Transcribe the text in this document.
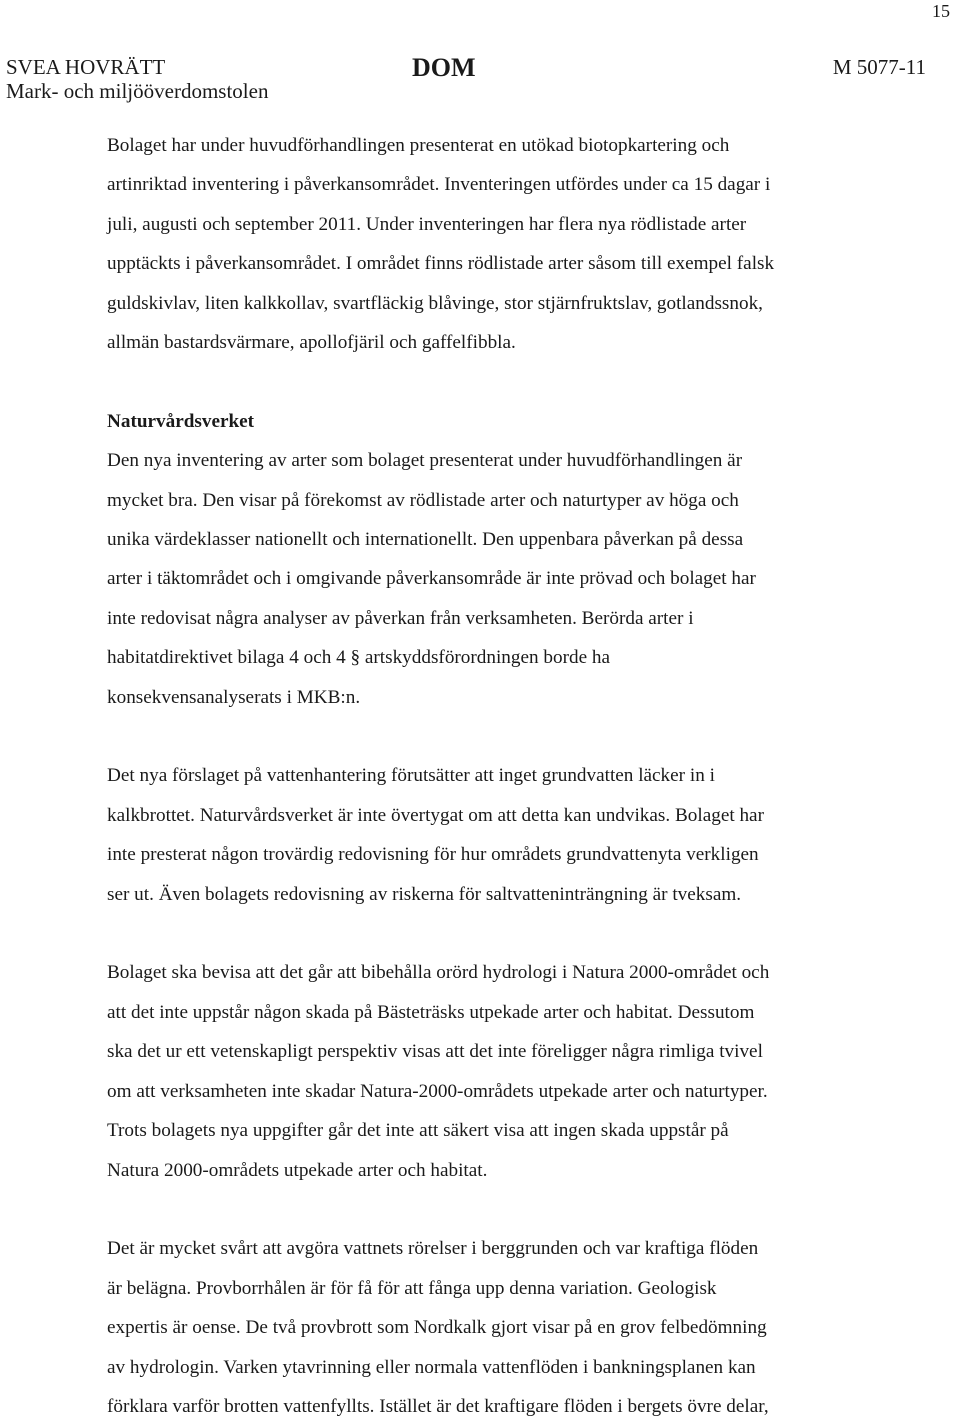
15
SVEA HOVRÄTT
Mark- och miljööverdomstolen
DOM	M 5077-11

Bolaget har under huvudförhandlingen presenterat en utökad biotopkartering och
artinriktad inventering i påverkansområdet. Inventeringen utfördes under ca 15 dagar i
juli, augusti och september 2011. Under inventeringen har flera nya rödlistade arter
upptäckts i påverkansområdet. I området finns rödlistade arter såsom till exempel falsk
guldskivlav, liten kalkkollav, svartfläckig blåvinge, stor stjärnfruktslav, gotlandssnok,
allmän bastardsvärmare, apollofjäril och gaffelfibbla.

Naturvårdsverket

Den nya inventering av arter som bolaget presenterat under huvudförhandlingen är
mycket bra. Den visar på förekomst av rödlistade arter och naturtyper av höga och
unika värdeklasser nationellt och internationellt. Den uppenbara påverkan på dessa
arter i täktområdet och i omgivande påverkansområde är inte prövad och bolaget har
inte redovisat några analyser av påverkan från verksamheten. Berörda arter i
habitatdirektivet bilaga 4 och 4 § artskyddsförordningen borde ha
konsekvensanalyserats i MKB:n.

Det nya förslaget på vattenhantering förutsätter att inget grundvatten läcker in i
kalkbrottet. Naturvårdsverket är inte övertygat om att detta kan undvikas. Bolaget har
inte presterat någon trovärdig redovisning för hur områdets grundvattenyta verkligen
ser ut. Även bolagets redovisning av riskerna för saltvatteninträngning är tveksam.

Bolaget ska bevisa att det går att bibehålla orörd hydrologi i Natura 2000-området och
att det inte uppstår någon skada på Bästeträsks utpekade arter och habitat. Dessutom
ska det ur ett vetenskapligt perspektiv visas att det inte föreligger några rimliga tvivel
om att verksamheten inte skadar Natura-2000-områdets utpekade arter och naturtyper.
Trots bolagets nya uppgifter går det inte att säkert visa att ingen skada uppstår på
Natura 2000-områdets utpekade arter och habitat.

Det är mycket svårt att avgöra vattnets rörelser i berggrunden och var kraftiga flöden
är belägna. Provborrhålen är för få för att fånga upp denna variation. Geologisk
expertis är oense. De två provbrott som Nordkalk gjort visar på en grov felbedömning
av hydrologin. Varken ytavrinning eller normala vattenflöden i bankningsplanen kan
förklara varför brotten vattenfyllts. Istället är det kraftigare flöden i bergets övre delar,
